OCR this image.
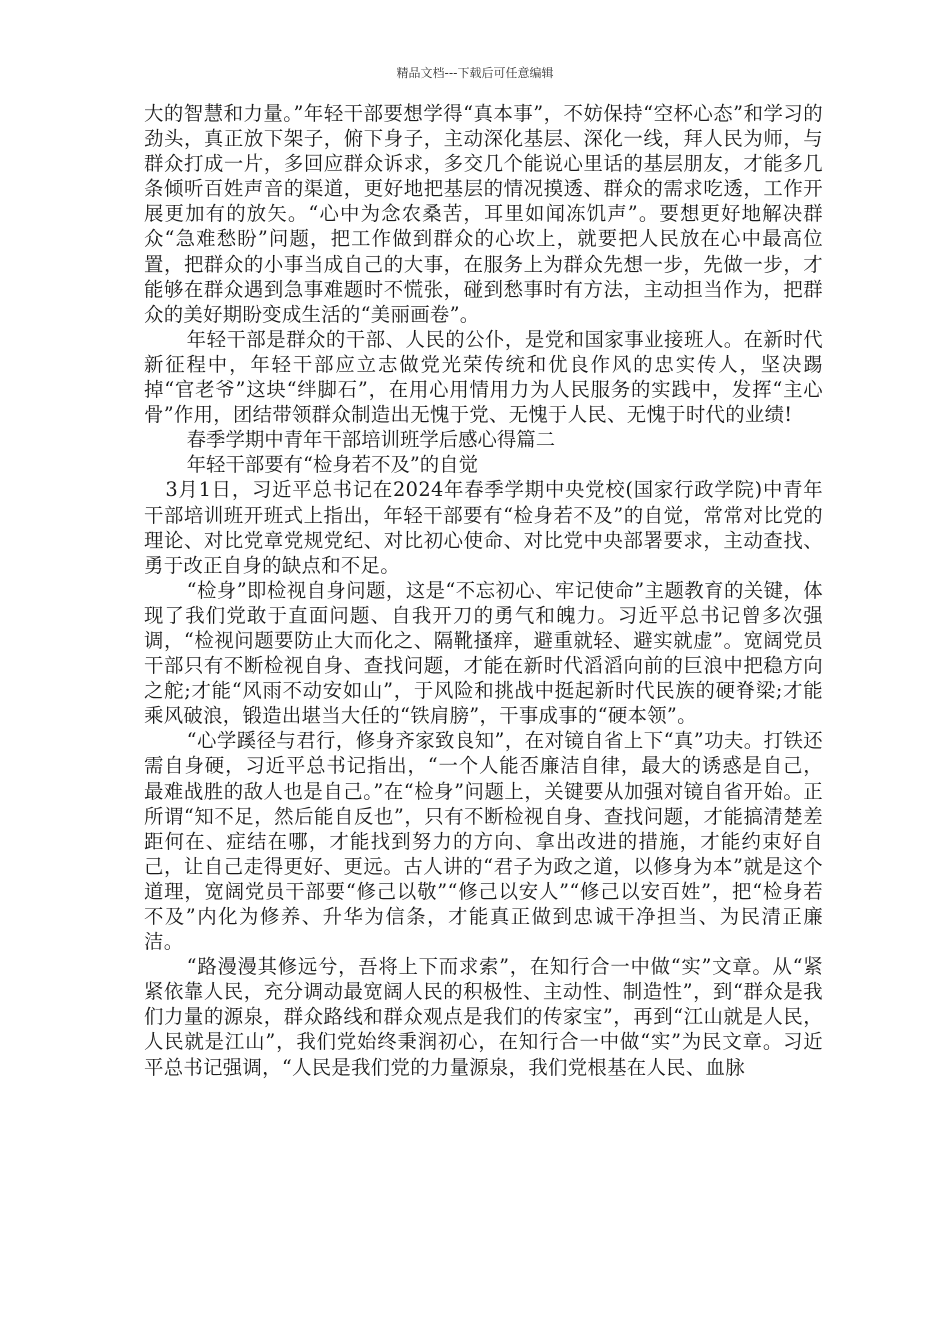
精品文档---下载后可任意编辑

大的智慧和力量。”年轻干部要想学得“真本事”，不妨保持“空杯心态”和学习的劲头，真正放下架子，俯下身子，主动深化基层、深化一线，拜人民为师，与群众打成一片，多回应群众诉求，多交几个能说心里话的基层朋友，才能多几条倾听百姓声音的渠道，更好地把基层的情况摸透、群众的需求吃透，工作开展更加有的放矢。“心中为念农桑苦，耳里如闻冻饥声”。要想更好地解决群众“急难愁盼”问题，把工作做到群众的心坎上，就要把人民放在心中最高位置，把群众的小事当成自己的大事，在服务上为群众先想一步，先做一步，才能够在群众遇到急事难题时不慌张，碰到愁事时有方法，主动担当作为，把群众的美好期盼变成生活的“美丽画卷”。

年轻干部是群众的干部、人民的公仆，是党和国家事业接班人。在新时代新征程中，年轻干部应立志做党光荣传统和优良作风的忠实传人，坚决踢掉“官老爷”这块“绊脚石”，在用心用情用力为人民服务的实践中，发挥“主心骨”作用，团结带领群众制造出无愧于党、无愧于人民、无愧于时代的业绩!

春季学期中青年干部培训班学后感心得篇二

年轻干部要有“检身若不及”的自觉

3月1日，习近平总书记在2024年春季学期中央党校(国家行政学院)中青年干部培训班开班式上指出，年轻干部要有“检身若不及”的自觉，常常对比党的理论、对比党章党规党纪、对比初心使命、对比党中央部署要求，主动查找、勇于改正自身的缺点和不足。

“检身”即检视自身问题，这是“不忘初心、牢记使命”主题教育的关键，体现了我们党敢于直面问题、自我开刀的勇气和魄力。习近平总书记曾多次强调，“检视问题要防止大而化之、隔靴搔痒，避重就轻、避实就虚”。宽阔党员干部只有不断检视自身、查找问题，才能在新时代滔滔向前的巨浪中把稳方向之舵;才能“风雨不动安如山”，于风险和挑战中挺起新时代民族的硬脊梁;才能乘风破浪，锻造出堪当大任的“铁肩膀”，干事成事的“硬本领”。

“心学蹊径与君行，修身齐家致良知”，在对镜自省上下“真”功夫。打铁还需自身硬，习近平总书记指出，“一个人能否廉洁自律，最大的诱惑是自己，最难战胜的敌人也是自己。”在“检身”问题上，关键要从加强对镜自省开始。正所谓“知不足，然后能自反也”，只有不断检视自身、查找问题，才能搞清楚差距何在、症结在哪，才能找到努力的方向、拿出改进的措施，才能约束好自己，让自己走得更好、更远。古人讲的“君子为政之道，以修身为本”就是这个道理，宽阔党员干部要“修己以敬”“修己以安人”“修己以安百姓”，把“检身若不及”内化为修养、升华为信条，才能真正做到忠诚干净担当、为民清正廉洁。

“路漫漫其修远兮，吾将上下而求索”，在知行合一中做“实”文章。从“紧紧依靠人民，充分调动最宽阔人民的积极性、主动性、制造性”，到“群众是我们力量的源泉，群众路线和群众观点是我们的传家宝”，再到“江山就是人民，人民就是江山”，我们党始终秉润初心，在知行合一中做“实”为民文章。习近平总书记强调，“人民是我们党的力量源泉，我们党根基在人民、血脉
